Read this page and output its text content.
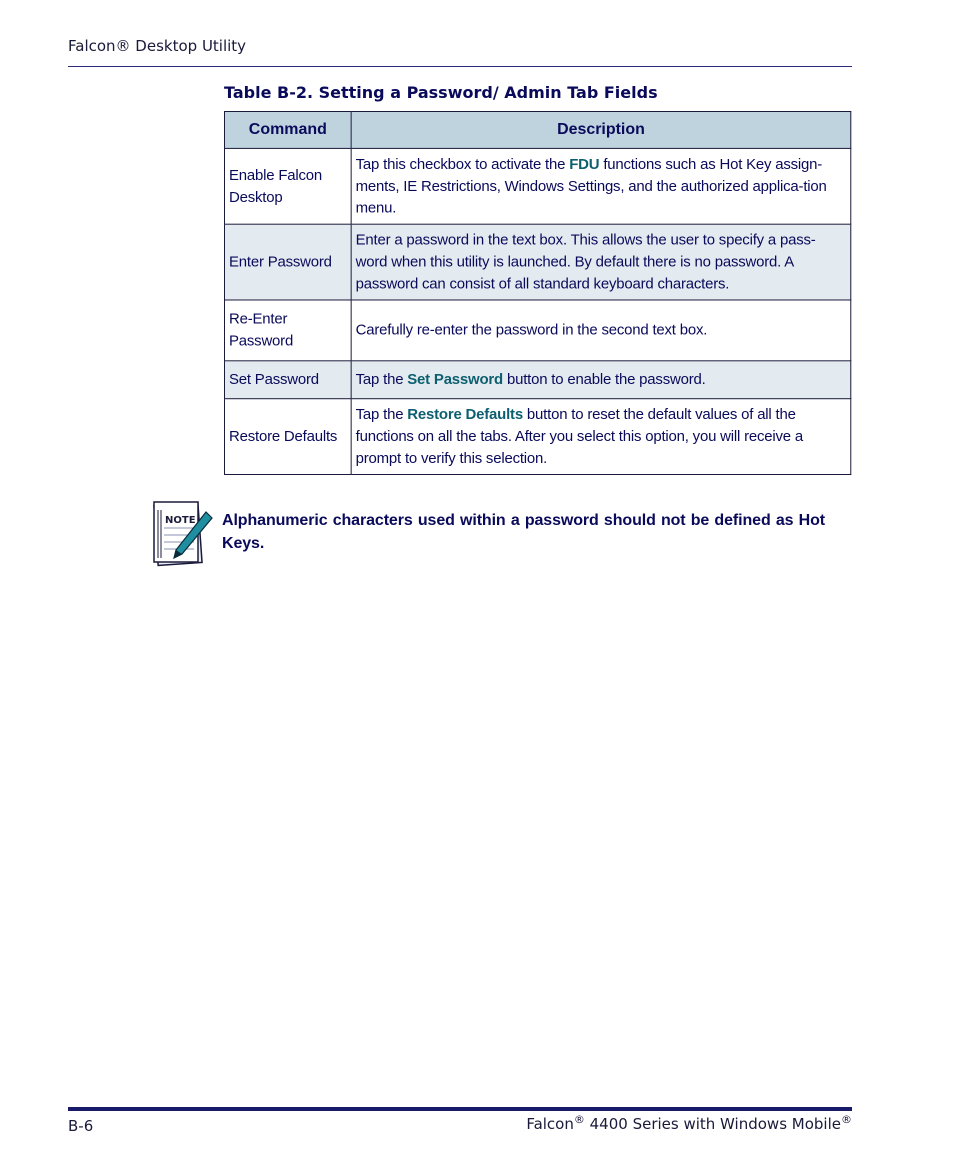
Falcon® Desktop Utility
Table B-2. Setting a Password/ Admin Tab Fields
Command	Description
Enable Falcon Desktop	Tap this checkbox to activate the FDU functions such as Hot Key assign-ments, IE Restrictions, Windows Settings, and the authorized applica-tion menu.
Enter Password	Enter a password in the text box. This allows the user to specify a pass-word when this utility is launched. By default there is no password. A password can consist of all standard keyboard characters.
Re-Enter Password	Carefully re-enter the password in the second text box.
Set Password	Tap the Set Password button to enable the password.
Restore Defaults	Tap the Restore Defaults button to reset the default values of all the functions on all the tabs. After you select this option, you will receive a prompt to verify this selection.
NOTE Alphanumeric characters used within a password should not be defined as Hot Keys.
B-6	Falcon® 4400 Series with Windows Mobile®
